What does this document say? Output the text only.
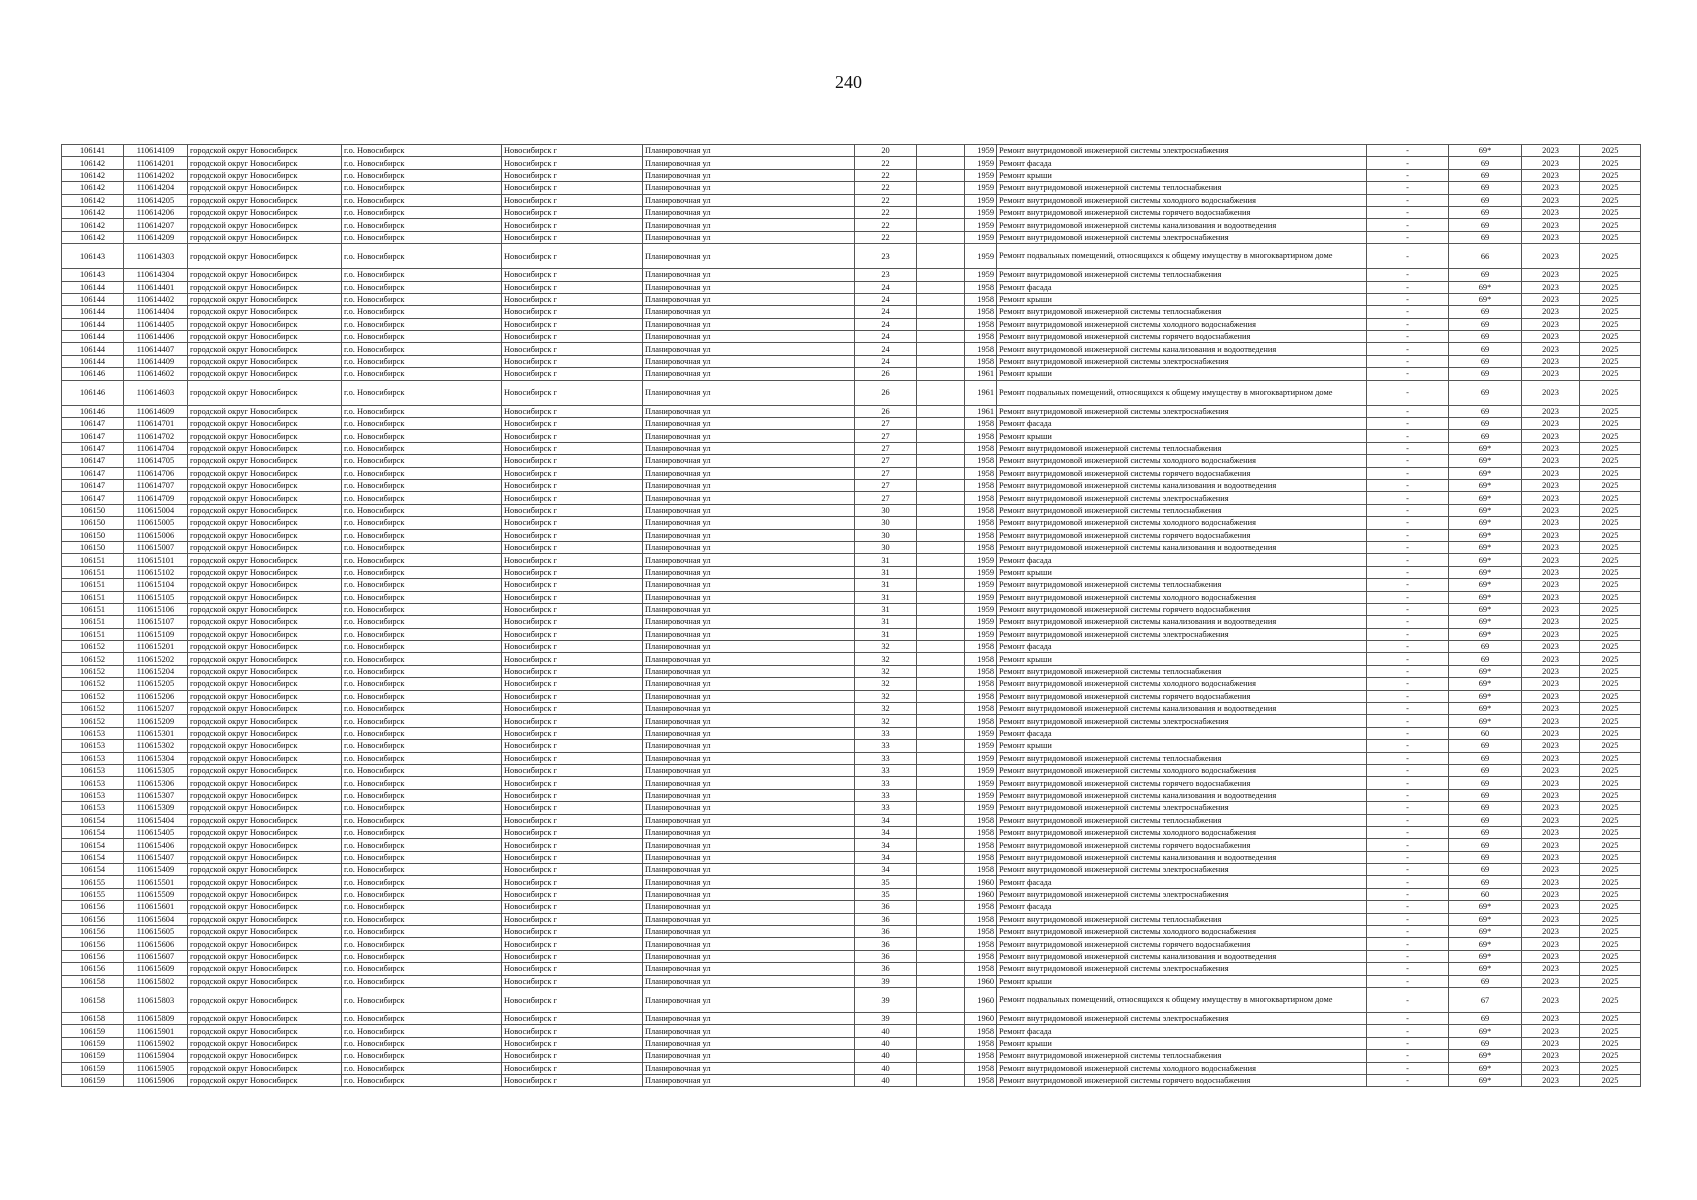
240
106141	110614109	городской округ Новосибирск	г.о. Новосибирск	Новосибирск г	Планировочная ул	20		1959	Ремонт внутридомовой инженерной системы электроснабжения	-	69*	2023	2025
106142	110614201	городской округ Новосибирск	г.о. Новосибирск	Новосибирск г	Планировочная ул	22		1959	Ремонт фасада	-	69	2023	2025
106142	110614202	городской округ Новосибирск	г.о. Новосибирск	Новосибирск г	Планировочная ул	22		1959	Ремонт крыши	-	69	2023	2025
106142	110614204	городской округ Новосибирск	г.о. Новосибирск	Новосибирск г	Планировочная ул	22		1959	Ремонт внутридомовой инженерной системы теплоснабжения	-	69	2023	2025
106142	110614205	городской округ Новосибирск	г.о. Новосибирск	Новосибирск г	Планировочная ул	22		1959	Ремонт внутридомовой инженерной системы холодного водоснабжения	-	69	2023	2025
106142	110614206	городской округ Новосибирск	г.о. Новосибирск	Новосибирск г	Планировочная ул	22		1959	Ремонт внутридомовой инженерной системы горячего водоснабжения	-	69	2023	2025
106142	110614207	городской округ Новосибирск	г.о. Новосибирск	Новосибирск г	Планировочная ул	22		1959	Ремонт внутридомовой инженерной системы канализования и водоотведения	-	69	2023	2025
106142	110614209	городской округ Новосибирск	г.о. Новосибирск	Новосибирск г	Планировочная ул	22		1959	Ремонт внутридомовой инженерной системы электроснабжения	-	69	2023	2025
106143	110614303	городской округ Новосибирск	г.о. Новосибирск	Новосибирск г	Планировочная ул	23		1959	Ремонт подвальных помещений, относящихся к общему имуществу в многоквартирном доме	-	66	2023	2025
106143	110614304	городской округ Новосибирск	г.о. Новосибирск	Новосибирск г	Планировочная ул	23		1959	Ремонт внутридомовой инженерной системы теплоснабжения	-	69	2023	2025
106144	110614401	городской округ Новосибирск	г.о. Новосибирск	Новосибирск г	Планировочная ул	24		1958	Ремонт фасада	-	69*	2023	2025
106144	110614402	городской округ Новосибирск	г.о. Новосибирск	Новосибирск г	Планировочная ул	24		1958	Ремонт крыши	-	69*	2023	2025
106144	110614404	городской округ Новосибирск	г.о. Новосибирск	Новосибирск г	Планировочная ул	24		1958	Ремонт внутридомовой инженерной системы теплоснабжения	-	69	2023	2025
106144	110614405	городской округ Новосибирск	г.о. Новосибирск	Новосибирск г	Планировочная ул	24		1958	Ремонт внутридомовой инженерной системы холодного водоснабжения	-	69	2023	2025
106144	110614406	городской округ Новосибирск	г.о. Новосибирск	Новосибирск г	Планировочная ул	24		1958	Ремонт внутридомовой инженерной системы горячего водоснабжения	-	69	2023	2025
106144	110614407	городской округ Новосибирск	г.о. Новосибирск	Новосибирск г	Планировочная ул	24		1958	Ремонт внутридомовой инженерной системы канализования и водоотведения	-	69	2023	2025
106144	110614409	городской округ Новосибирск	г.о. Новосибирск	Новосибирск г	Планировочная ул	24		1958	Ремонт внутридомовой инженерной системы электроснабжения	-	69	2023	2025
106146	110614602	городской округ Новосибирск	г.о. Новосибирск	Новосибирск г	Планировочная ул	26		1961	Ремонт крыши	-	69	2023	2025
106146	110614603	городской округ Новосибирск	г.о. Новосибирск	Новосибирск г	Планировочная ул	26		1961	Ремонт подвальных помещений, относящихся к общему имуществу в многоквартирном доме	-	69	2023	2025
106146	110614609	городской округ Новосибирск	г.о. Новосибирск	Новосибирск г	Планировочная ул	26		1961	Ремонт внутридомовой инженерной системы электроснабжения	-	69	2023	2025
106147	110614701	городской округ Новосибирск	г.о. Новосибирск	Новосибирск г	Планировочная ул	27		1958	Ремонт фасада	-	69	2023	2025
106147	110614702	городской округ Новосибирск	г.о. Новосибирск	Новосибирск г	Планировочная ул	27		1958	Ремонт крыши	-	69	2023	2025
106147	110614704	городской округ Новосибирск	г.о. Новосибирск	Новосибирск г	Планировочная ул	27		1958	Ремонт внутридомовой инженерной системы теплоснабжения	-	69*	2023	2025
106147	110614705	городской округ Новосибирск	г.о. Новосибирск	Новосибирск г	Планировочная ул	27		1958	Ремонт внутридомовой инженерной системы холодного водоснабжения	-	69*	2023	2025
106147	110614706	городской округ Новосибирск	г.о. Новосибирск	Новосибирск г	Планировочная ул	27		1958	Ремонт внутридомовой инженерной системы горячего водоснабжения	-	69*	2023	2025
106147	110614707	городской округ Новосибирск	г.о. Новосибирск	Новосибирск г	Планировочная ул	27		1958	Ремонт внутридомовой инженерной системы канализования и водоотведения	-	69*	2023	2025
106147	110614709	городской округ Новосибирск	г.о. Новосибирск	Новосибирск г	Планировочная ул	27		1958	Ремонт внутридомовой инженерной системы электроснабжения	-	69*	2023	2025
106150	110615004	городской округ Новосибирск	г.о. Новосибирск	Новосибирск г	Планировочная ул	30		1958	Ремонт внутридомовой инженерной системы теплоснабжения	-	69*	2023	2025
106150	110615005	городской округ Новосибирск	г.о. Новосибирск	Новосибирск г	Планировочная ул	30		1958	Ремонт внутридомовой инженерной системы холодного водоснабжения	-	69*	2023	2025
106150	110615006	городской округ Новосибирск	г.о. Новосибирск	Новосибирск г	Планировочная ул	30		1958	Ремонт внутридомовой инженерной системы горячего водоснабжения	-	69*	2023	2025
106150	110615007	городской округ Новосибирск	г.о. Новосибирск	Новосибирск г	Планировочная ул	30		1958	Ремонт внутридомовой инженерной системы канализования и водоотведения	-	69*	2023	2025
106151	110615101	городской округ Новосибирск	г.о. Новосибирск	Новосибирск г	Планировочная ул	31		1959	Ремонт фасада	-	69*	2023	2025
106151	110615102	городской округ Новосибирск	г.о. Новосибирск	Новосибирск г	Планировочная ул	31		1959	Ремонт крыши	-	69*	2023	2025
106151	110615104	городской округ Новосибирск	г.о. Новосибирск	Новосибирск г	Планировочная ул	31		1959	Ремонт внутридомовой инженерной системы теплоснабжения	-	69*	2023	2025
106151	110615105	городской округ Новосибирск	г.о. Новосибирск	Новосибирск г	Планировочная ул	31		1959	Ремонт внутридомовой инженерной системы холодного водоснабжения	-	69*	2023	2025
106151	110615106	городской округ Новосибирск	г.о. Новосибирск	Новосибирск г	Планировочная ул	31		1959	Ремонт внутридомовой инженерной системы горячего водоснабжения	-	69*	2023	2025
106151	110615107	городской округ Новосибирск	г.о. Новосибирск	Новосибирск г	Планировочная ул	31		1959	Ремонт внутридомовой инженерной системы канализования и водоотведения	-	69*	2023	2025
106151	110615109	городской округ Новосибирск	г.о. Новосибирск	Новосибирск г	Планировочная ул	31		1959	Ремонт внутридомовой инженерной системы электроснабжения	-	69*	2023	2025
106152	110615201	городской округ Новосибирск	г.о. Новосибирск	Новосибирск г	Планировочная ул	32		1958	Ремонт фасада	-	69	2023	2025
106152	110615202	городской округ Новосибирск	г.о. Новосибирск	Новосибирск г	Планировочная ул	32		1958	Ремонт крыши	-	69	2023	2025
106152	110615204	городской округ Новосибирск	г.о. Новосибирск	Новосибирск г	Планировочная ул	32		1958	Ремонт внутридомовой инженерной системы теплоснабжения	-	69*	2023	2025
106152	110615205	городской округ Новосибирск	г.о. Новосибирск	Новосибирск г	Планировочная ул	32		1958	Ремонт внутридомовой инженерной системы холодного водоснабжения	-	69*	2023	2025
106152	110615206	городской округ Новосибирск	г.о. Новосибирск	Новосибирск г	Планировочная ул	32		1958	Ремонт внутридомовой инженерной системы горячего водоснабжения	-	69*	2023	2025
106152	110615207	городской округ Новосибирск	г.о. Новосибирск	Новосибирск г	Планировочная ул	32		1958	Ремонт внутридомовой инженерной системы канализования и водоотведения	-	69*	2023	2025
106152	110615209	городской округ Новосибирск	г.о. Новосибирск	Новосибирск г	Планировочная ул	32		1958	Ремонт внутридомовой инженерной системы электроснабжения	-	69*	2023	2025
106153	110615301	городской округ Новосибирск	г.о. Новосибирск	Новосибирск г	Планировочная ул	33		1959	Ремонт фасада	-	60	2023	2025
106153	110615302	городской округ Новосибирск	г.о. Новосибирск	Новосибирск г	Планировочная ул	33		1959	Ремонт крыши	-	69	2023	2025
106153	110615304	городской округ Новосибирск	г.о. Новосибирск	Новосибирск г	Планировочная ул	33		1959	Ремонт внутридомовой инженерной системы теплоснабжения	-	69	2023	2025
106153	110615305	городской округ Новосибирск	г.о. Новосибирск	Новосибирск г	Планировочная ул	33		1959	Ремонт внутридомовой инженерной системы холодного водоснабжения	-	69	2023	2025
106153	110615306	городской округ Новосибирск	г.о. Новосибирск	Новосибирск г	Планировочная ул	33		1959	Ремонт внутридомовой инженерной системы горячего водоснабжения	-	69	2023	2025
106153	110615307	городской округ Новосибирск	г.о. Новосибирск	Новосибирск г	Планировочная ул	33		1959	Ремонт внутридомовой инженерной системы канализования и водоотведения	-	69	2023	2025
106153	110615309	городской округ Новосибирск	г.о. Новосибирск	Новосибирск г	Планировочная ул	33		1959	Ремонт внутридомовой инженерной системы электроснабжения	-	69	2023	2025
106154	110615404	городской округ Новосибирск	г.о. Новосибирск	Новосибирск г	Планировочная ул	34		1958	Ремонт внутридомовой инженерной системы теплоснабжения	-	69	2023	2025
106154	110615405	городской округ Новосибирск	г.о. Новосибирск	Новосибирск г	Планировочная ул	34		1958	Ремонт внутридомовой инженерной системы холодного водоснабжения	-	69	2023	2025
106154	110615406	городской округ Новосибирск	г.о. Новосибирск	Новосибирск г	Планировочная ул	34		1958	Ремонт внутридомовой инженерной системы горячего водоснабжения	-	69	2023	2025
106154	110615407	городской округ Новосибирск	г.о. Новосибирск	Новосибирск г	Планировочная ул	34		1958	Ремонт внутридомовой инженерной системы канализования и водоотведения	-	69	2023	2025
106154	110615409	городской округ Новосибирск	г.о. Новосибирск	Новосибирск г	Планировочная ул	34		1958	Ремонт внутридомовой инженерной системы электроснабжения	-	69	2023	2025
106155	110615501	городской округ Новосибирск	г.о. Новосибирск	Новосибирск г	Планировочная ул	35		1960	Ремонт фасада	-	69	2023	2025
106155	110615509	городской округ Новосибирск	г.о. Новосибирск	Новосибирск г	Планировочная ул	35		1960	Ремонт внутридомовой инженерной системы электроснабжения	-	60	2023	2025
106156	110615601	городской округ Новосибирск	г.о. Новосибирск	Новосибирск г	Планировочная ул	36		1958	Ремонт фасада	-	69*	2023	2025
106156	110615604	городской округ Новосибирск	г.о. Новосибирск	Новосибирск г	Планировочная ул	36		1958	Ремонт внутридомовой инженерной системы теплоснабжения	-	69*	2023	2025
106156	110615605	городской округ Новосибирск	г.о. Новосибирск	Новосибирск г	Планировочная ул	36		1958	Ремонт внутридомовой инженерной системы холодного водоснабжения	-	69*	2023	2025
106156	110615606	городской округ Новосибирск	г.о. Новосибирск	Новосибирск г	Планировочная ул	36		1958	Ремонт внутридомовой инженерной системы горячего водоснабжения	-	69*	2023	2025
106156	110615607	городской округ Новосибирск	г.о. Новосибирск	Новосибирск г	Планировочная ул	36		1958	Ремонт внутридомовой инженерной системы канализования и водоотведения	-	69*	2023	2025
106156	110615609	городской округ Новосибирск	г.о. Новосибирск	Новосибирск г	Планировочная ул	36		1958	Ремонт внутридомовой инженерной системы электроснабжения	-	69*	2023	2025
106158	110615802	городской округ Новосибирск	г.о. Новосибирск	Новосибирск г	Планировочная ул	39		1960	Ремонт крыши	-	69	2023	2025
106158	110615803	городской округ Новосибирск	г.о. Новосибирск	Новосибирск г	Планировочная ул	39		1960	Ремонт подвальных помещений, относящихся к общему имуществу в многоквартирном доме	-	67	2023	2025
106158	110615809	городской округ Новосибирск	г.о. Новосибирск	Новосибирск г	Планировочная ул	39		1960	Ремонт внутридомовой инженерной системы электроснабжения	-	69	2023	2025
106159	110615901	городской округ Новосибирск	г.о. Новосибирск	Новосибирск г	Планировочная ул	40		1958	Ремонт фасада	-	69*	2023	2025
106159	110615902	городской округ Новосибирск	г.о. Новосибирск	Новосибирск г	Планировочная ул	40		1958	Ремонт крыши	-	69	2023	2025
106159	110615904	городской округ Новосибирск	г.о. Новосибирск	Новосибирск г	Планировочная ул	40		1958	Ремонт внутридомовой инженерной системы теплоснабжения	-	69*	2023	2025
106159	110615905	городской округ Новосибирск	г.о. Новосибирск	Новосибирск г	Планировочная ул	40		1958	Ремонт внутридомовой инженерной системы холодного водоснабжения	-	69*	2023	2025
106159	110615906	городской округ Новосибирск	г.о. Новосибирск	Новосибирск г	Планировочная ул	40		1958	Ремонт внутридомовой инженерной системы горячего водоснабжения	-	69*	2023	2025
